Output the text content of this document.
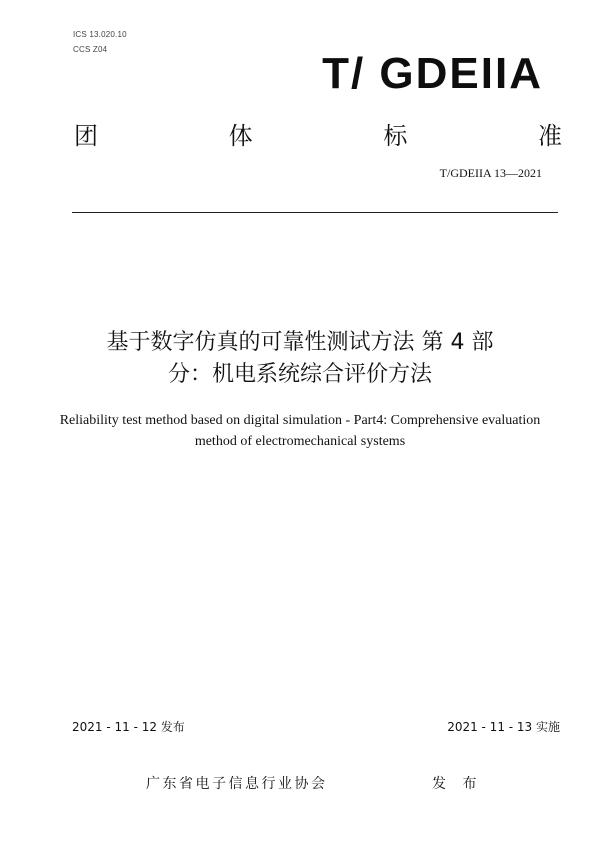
ICS 13.020.10
CCS Z04	T/ GDEIIA
团	体	标	准
T/GDEIIA 13—2021
基于数字仿真的可靠性测试方法 第 4 部
分：机电系统综合评价方法
Reliability test method based on digital simulation - Part4: Comprehensive evaluation
method of electromechanical systems
2021 - 11 - 12 发布	2021 - 11 - 13 实施
广东省电子信息行业协会	发 布
